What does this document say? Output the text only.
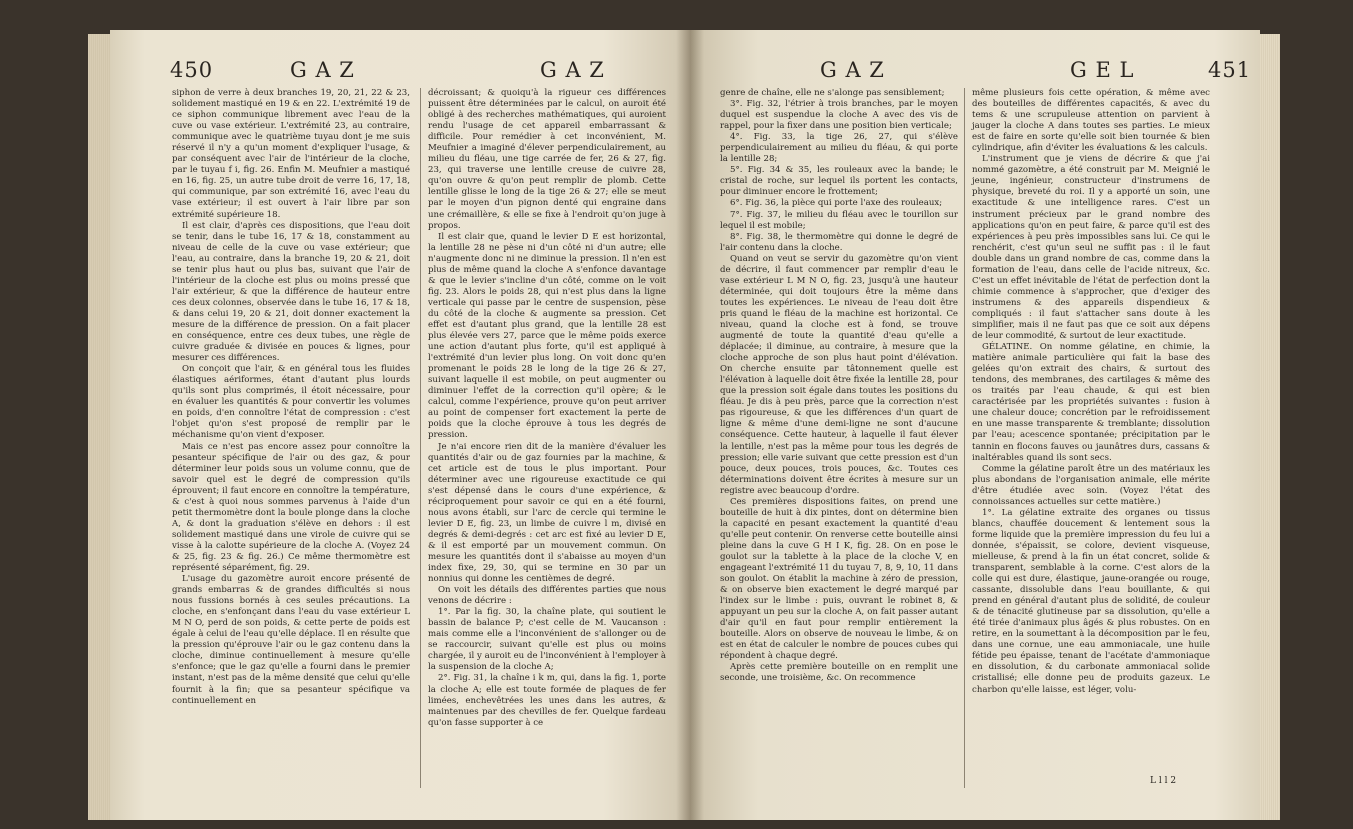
450	G A Z	G A Z

siphon de verre à deux branches 19, 20, 21, 22 & 23, solidement mastiqué en 19 & en 22. L'extrémité 19 de ce siphon communique librement avec l'eau de la cuve ou vase extérieur. L'extrémité 23, au contraire, communique avec le quatrième tuyau dont je me suis réservé il n'y a qu'un moment d'expliquer l'usage, & par conséquent avec l'air de l'intérieur de la cloche, par le tuyau f i, fig. 26. Enfin M. Meufnier a mastiqué en 16, fig. 25, un autre tube droit de verre 16, 17, 18, qui communique, par son extrémité 16, avec l'eau du vase extérieur; il est ouvert à l'air libre par son extrémité supérieure 18.

Il est clair, d'après ces dispositions, que l'eau doit se tenir, dans le tube 16, 17 & 18, constamment au niveau de celle de la cuve ou vase extérieur; que l'eau, au contraire, dans la branche 19, 20 & 21, doit se tenir plus haut ou plus bas, suivant que l'air de l'intérieur de la cloche est plus ou moins pressé que l'air extérieur, & que la différence de hauteur entre ces deux colonnes, observée dans le tube 16, 17 & 18, & dans celui 19, 20 & 21, doit donner exactement la mesure de la différence de pression. On a fait placer en conséquence, entre ces deux tubes, une règle de cuivre graduée & divisée en pouces & lignes, pour mesurer ces différences.

On conçoit que l'air, & en général tous les fluides élastiques aériformes, étant d'autant plus lourds qu'ils sont plus comprimés, il étoit nécessaire, pour en évaluer les quantités & pour convertir les volumes en poids, d'en connoître l'état de compression : c'est l'objet qu'on s'est proposé de remplir par le méchanisme qu'on vient d'exposer.

Mais ce n'est pas encore assez pour connoître la pesanteur spécifique de l'air ou des gaz, & pour déterminer leur poids sous un volume connu, que de savoir quel est le degré de compression qu'ils éprouvent; il faut encore en connoître la température, & c'est à quoi nous sommes parvenus à l'aide d'un petit thermomètre dont la boule plonge dans la cloche A, & dont la graduation s'élève en dehors : il est solidement mastiqué dans une virole de cuivre qui se visse à la calotte supérieure de la cloche A. (Voyez 24 & 25, fig. 23 & fig. 26.) Ce même thermomètre est représenté séparément, fig. 29.

L'usage du gazomètre auroit encore présenté de grands embarras & de grandes difficultés si nous nous fussions bornés à ces seules précautions. La cloche, en s'enfonçant dans l'eau du vase extérieur L M N O, perd de son poids, & cette perte de poids est égale à celui de l'eau qu'elle déplace. Il en résulte que la pression qu'éprouve l'air ou le gaz contenu dans la cloche, diminue continuellement à mesure qu'elle s'enfonce; que le gaz qu'elle a fourni dans le premier instant, n'est pas de la même densité que celui qu'elle fournit à la fin; que sa pesanteur spécifique va continuellement en

décroissant; & quoiqu'à la rigueur ces différences puissent être déterminées par le calcul, on auroit été obligé à des recherches mathématiques, qui auroient rendu l'usage de cet appareil embarrassant & difficile. Pour remédier à cet inconvénient, M. Meufnier a imaginé d'élever perpendiculairement, au milieu du fléau, une tige carrée de fer, 26 & 27, fig. 23, qui traverse une lentille creuse de cuivre 28, qu'on ouvre & qu'on peut remplir de plomb. Cette lentille glisse le long de la tige 26 & 27; elle se meut par le moyen d'un pignon denté qui engraine dans une crémaillère, & elle se fixe à l'endroit qu'on juge à propos.

Il est clair que, quand le levier D E est horizontal, la lentille 28 ne pèse ni d'un côté ni d'un autre; elle n'augmente donc ni ne diminue la pression. Il n'en est plus de même quand la cloche A s'enfonce davantage & que le levier s'incline d'un côté, comme on le voit fig. 23. Alors le poids 28, qui n'est plus dans la ligne verticale qui passe par le centre de suspension, pèse du côté de la cloche & augmente sa pression. Cet effet est d'autant plus grand, que la lentille 28 est plus élevée vers 27, parce que le même poids exerce une action d'autant plus forte, qu'il est appliqué à l'extrémité d'un levier plus long. On voit donc qu'en promenant le poids 28 le long de la tige 26 & 27, suivant laquelle il est mobile, on peut augmenter ou diminuer l'effet de la correction qu'il opère; & le calcul, comme l'expérience, prouve qu'on peut arriver au point de compenser fort exactement la perte de poids que la cloche éprouve à tous les degrés de pression.

Je n'ai encore rien dit de la manière d'évaluer les quantités d'air ou de gaz fournies par la machine, & cet article est de tous le plus important. Pour déterminer avec une rigoureuse exactitude ce qui s'est dépensé dans le cours d'une expérience, & réciproquement pour savoir ce qui en a été fourni, nous avons établi, sur l'arc de cercle qui termine le levier D E, fig. 23, un limbe de cuivre l m, divisé en degrés & demi-degrés : cet arc est fixé au levier D E, & il est emporté par un mouvement commun. On mesure les quantités dont il s'abaisse au moyen d'un index fixe, 29, 30, qui se termine en 30 par un nonnius qui donne les centièmes de degré.

On voit les détails des différentes parties que nous venons de décrire :

1°. Par la fig. 30, la chaîne plate, qui soutient le bassin de balance P; c'est celle de M. Vaucanson : mais comme elle a l'inconvénient de s'allonger ou de se raccourcir, suivant qu'elle est plus ou moins chargée, il y auroit eu de l'inconvénient à l'employer à la suspension de la cloche A;

2°. Fig. 31, la chaîne i k m, qui, dans la fig. 1, porte la cloche A; elle est toute formée de plaques de fer limées, enchevêtrées les unes dans les autres, & maintenues par des chevilles de fer. Quelque fardeau qu'on fasse supporter à ce

G A Z	G E L	451

genre de chaîne, elle ne s'alonge pas sensiblement;

3°. Fig. 32, l'étrier à trois branches, par le moyen duquel est suspendue la cloche A avec des vis de rappel, pour la fixer dans une position bien verticale;

4°. Fig. 33, la tige 26, 27, qui s'élève perpendiculairement au milieu du fléau, & qui porte la lentille 28;

5°. Fig. 34 & 35, les rouleaux avec la bande; le cristal de roche, sur lequel ils portent les contacts, pour diminuer encore le frottement;

6°. Fig. 36, la pièce qui porte l'axe des rouleaux;

7°. Fig. 37, le milieu du fléau avec le tourillon sur lequel il est mobile;

8°. Fig. 38, le thermomètre qui donne le degré de l'air contenu dans la cloche.

Quand on veut se servir du gazomètre qu'on vient de décrire, il faut commencer par remplir d'eau le vase extérieur L M N O, fig. 23, jusqu'à une hauteur déterminée, qui doit toujours être la même dans toutes les expériences. Le niveau de l'eau doit être pris quand le fléau de la machine est horizontal. Ce niveau, quand la cloche est à fond, se trouve augmenté de toute la quantité d'eau qu'elle a déplacée; il diminue, au contraire, à mesure que la cloche approche de son plus haut point d'élévation. On cherche ensuite par tâtonnement quelle est l'élévation à laquelle doit être fixée la lentille 28, pour que la pression soit égale dans toutes les positions du fléau. Je dis à peu près, parce que la correction n'est pas rigoureuse, & que les différences d'un quart de ligne & même d'une demi-ligne ne sont d'aucune conséquence. Cette hauteur, à laquelle il faut élever la lentille, n'est pas la même pour tous les degrés de pression; elle varie suivant que cette pression est d'un pouce, deux pouces, trois pouces, &c. Toutes ces déterminations doivent être écrites à mesure sur un registre avec beaucoup d'ordre.

Ces premières dispositions faites, on prend une bouteille de huit à dix pintes, dont on détermine bien la capacité en pesant exactement la quantité d'eau qu'elle peut contenir. On renverse cette bouteille ainsi pleine dans la cuve G H I K, fig. 28. On en pose le goulot sur la tablette à la place de la cloche V, en engageant l'extrémité 11 du tuyau 7, 8, 9, 10, 11 dans son goulot. On établit la machine à zéro de pression, & on observe bien exactement le degré marqué par l'index sur le limbe : puis, ouvrant le robinet 8, & appuyant un peu sur la cloche A, on fait passer autant d'air qu'il en faut pour remplir entièrement la bouteille. Alors on observe de nouveau le limbe, & on est en état de calculer le nombre de pouces cubes qui répondent à chaque degré.

Après cette première bouteille on en remplit une seconde, une troisième, &c. On recommence

même plusieurs fois cette opération, & même avec des bouteilles de différentes capacités, & avec du tems & une scrupuleuse attention on parvient à jauger la cloche A dans toutes ses parties. Le mieux est de faire en sorte qu'elle soit bien tournée & bien cylindrique, afin d'éviter les évaluations & les calculs.

L'instrument que je viens de décrire & que j'ai nommé gazomètre, a été construit par M. Meignié le jeune, ingénieur, constructeur d'instrumens de physique, breveté du roi. Il y a apporté un soin, une exactitude & une intelligence rares. C'est un instrument précieux par le grand nombre des applications qu'on en peut faire, & parce qu'il est des expériences à peu près impossibles sans lui. Ce qui le renchérit, c'est qu'un seul ne suffit pas : il le faut double dans un grand nombre de cas, comme dans la formation de l'eau, dans celle de l'acide nitreux, &c. C'est un effet inévitable de l'état de perfection dont la chimie commence à s'approcher, que d'exiger des instrumens & des appareils dispendieux & compliqués : il faut s'attacher sans doute à les simplifier, mais il ne faut pas que ce soit aux dépens de leur commodité, & surtout de leur exactitude.

GÉLATINE. On nomme gélatine, en chimie, la matière animale particulière qui fait la base des gelées qu'on extrait des chairs, & surtout des tendons, des membranes, des cartilages & même des os traités par l'eau chaude, & qui est bien caractérisée par les propriétés suivantes : fusion à une chaleur douce; concrétion par le refroidissement en une masse transparente & tremblante; dissolution par l'eau; acescence spontanée; précipitation par le tannin en flocons fauves ou jaunâtres durs, cassans & inaltérables quand ils sont secs.

Comme la gélatine paroît être un des matériaux les plus abondans de l'organisation animale, elle mérite d'être étudiée avec soin. (Voyez l'état des connoissances actuelles sur cette matière.)

1°. La gélatine extraite des organes ou tissus blancs, chauffée doucement & lentement sous la forme liquide que la première impression du feu lui a donnée, s'épaissit, se colore, devient visqueuse, mielleuse, & prend à la fin un état concret, solide & transparent, semblable à la corne. C'est alors de la colle qui est dure, élastique, jaune-orangée ou rouge, cassante, dissoluble dans l'eau bouillante, & qui prend en général d'autant plus de solidité, de couleur & de ténacité glutineuse par sa dissolution, qu'elle a été tirée d'animaux plus âgés & plus robustes. On en retire, en la soumettant à la décomposition par le feu, dans une cornue, une eau ammoniacale, une huile fétide peu épaisse, tenant de l'acétate d'ammoniaque en dissolution, & du carbonate ammoniacal solide cristallisé; elle donne peu de produits gazeux. Le charbon qu'elle laisse, est léger, volu-

L l l 2
